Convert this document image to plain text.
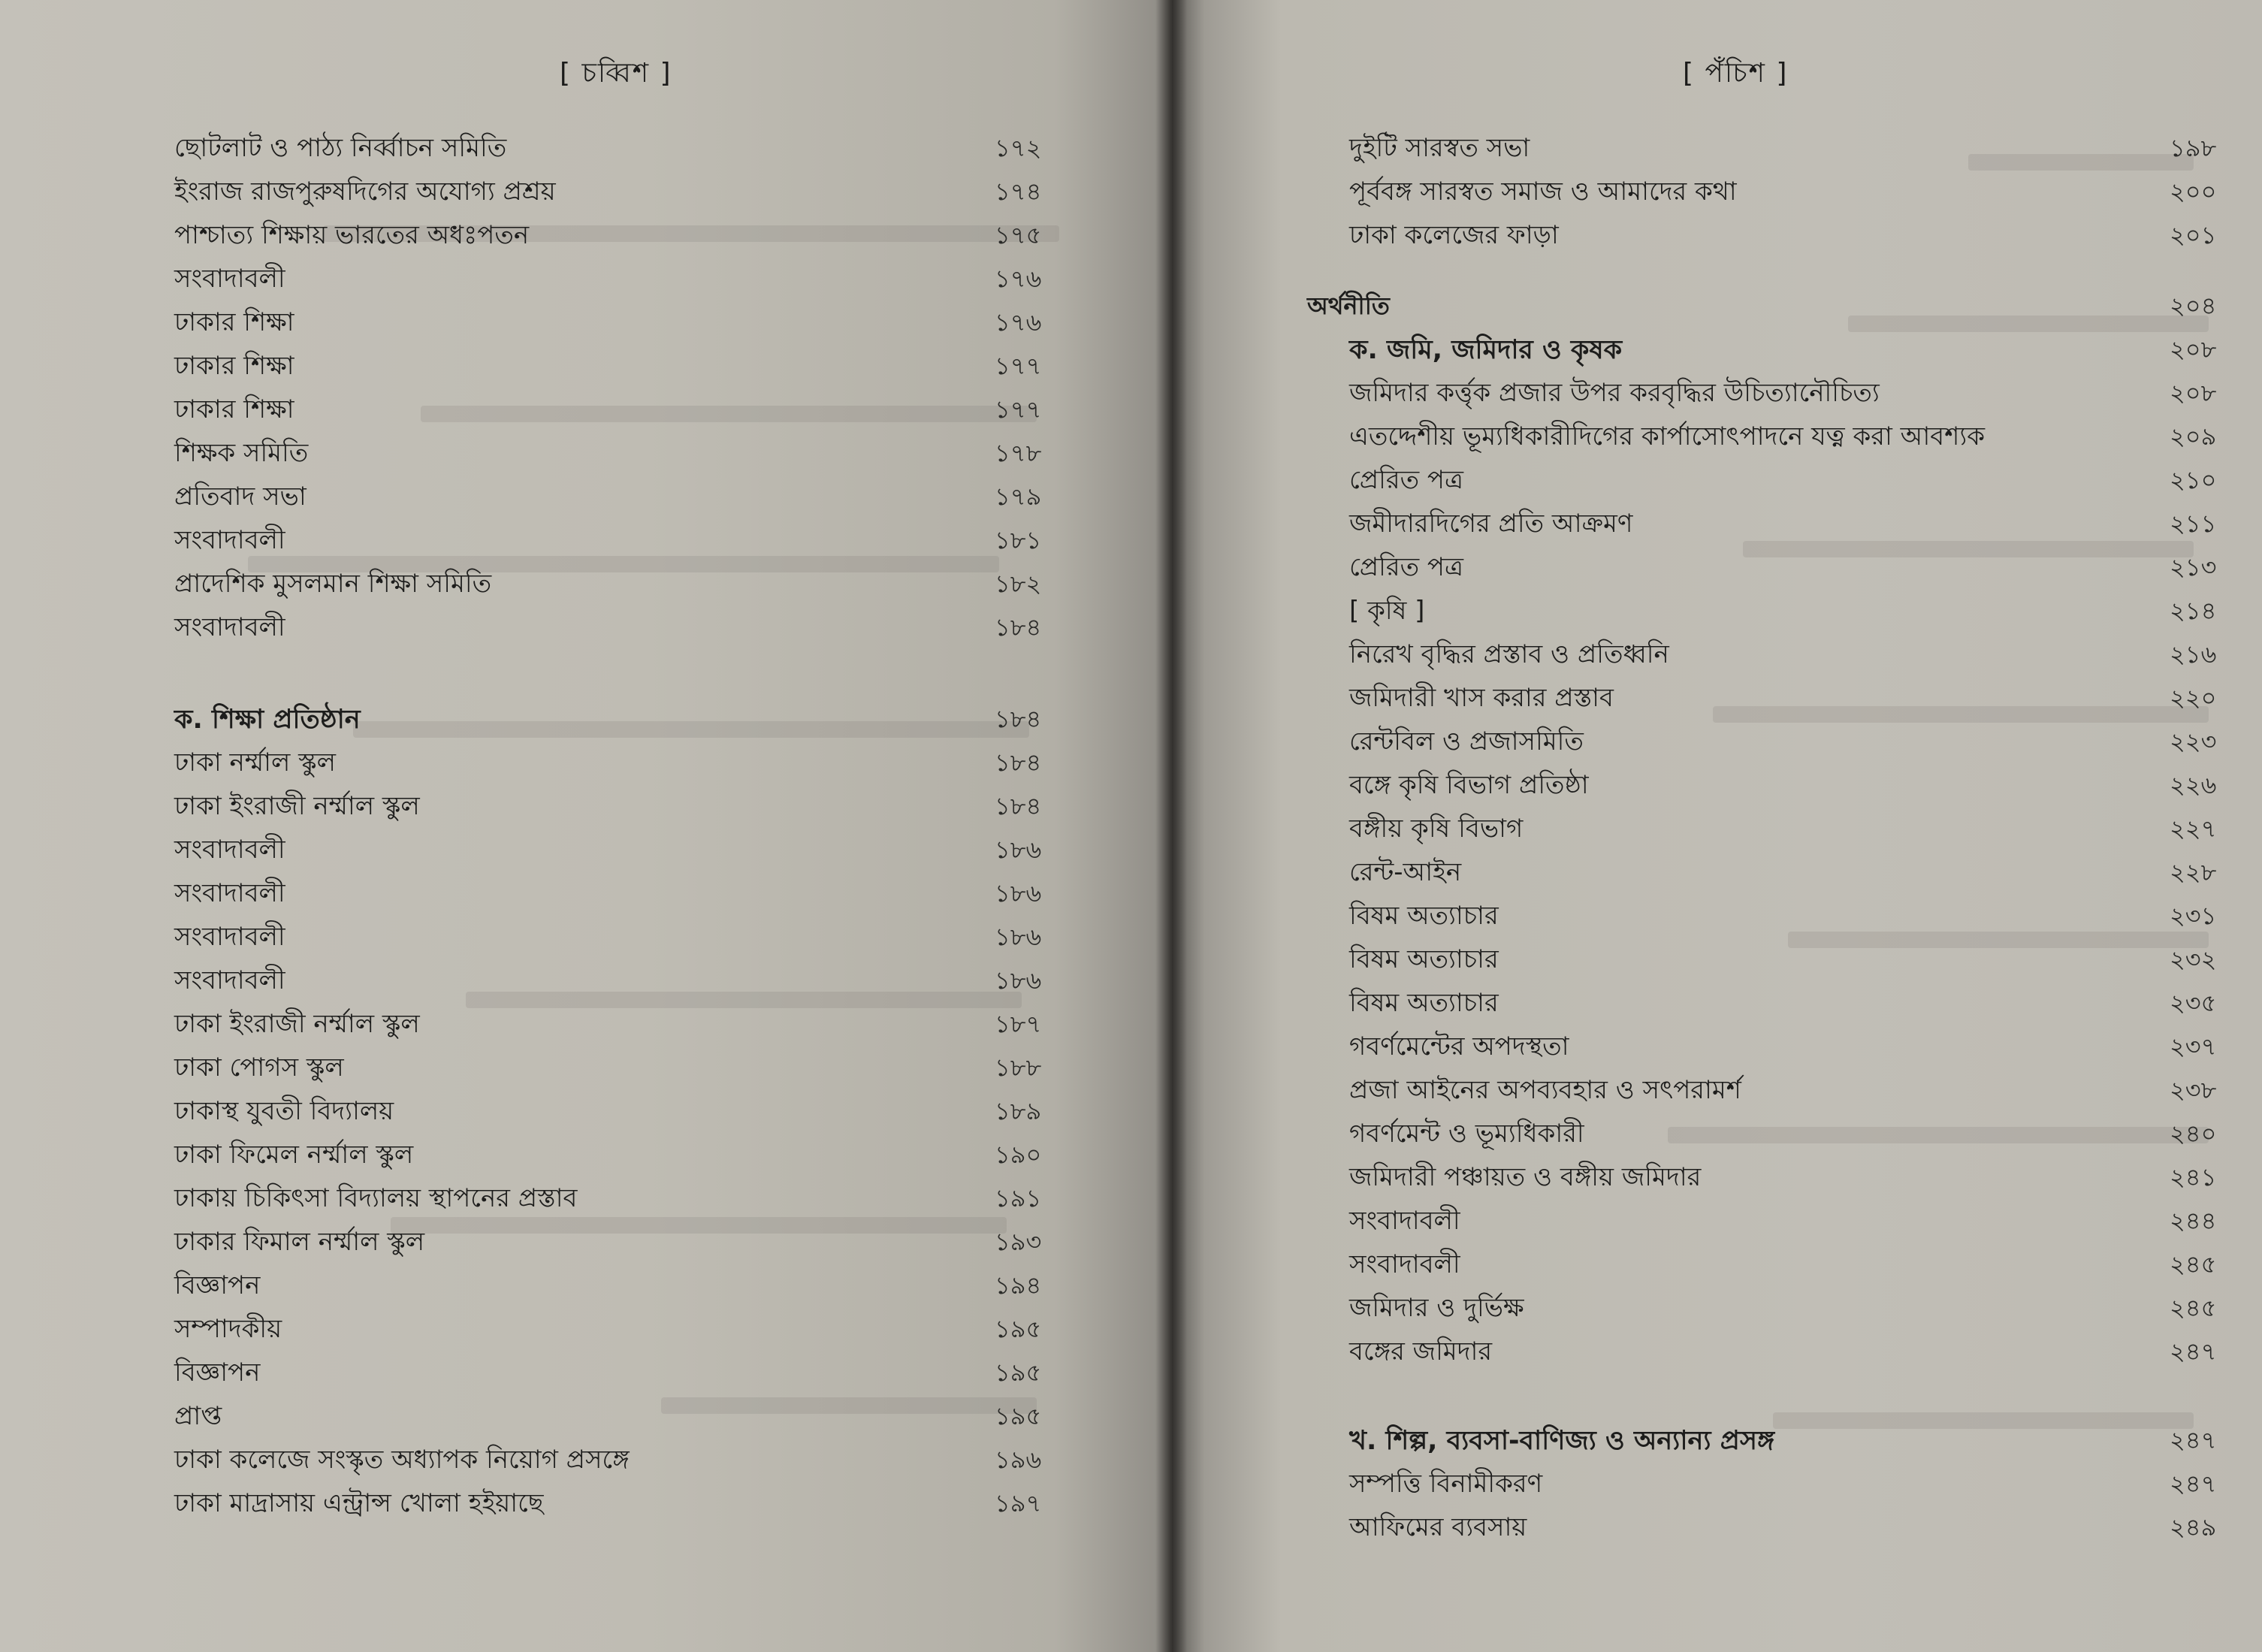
[ চব্বিশ ]
ছোটলাট ও পাঠ্য নির্ব্বাচন সমিতি	১৭২
ইংরাজ রাজপুরুষদিগের অযোগ্য প্রশ্রয়	১৭৪
পাশ্চাত্য শিক্ষায় ভারতের অধঃপতন	১৭৫
সংবাদাবলী	১৭৬
ঢাকার শিক্ষা	১৭৬
ঢাকার শিক্ষা	১৭৭
ঢাকার শিক্ষা	১৭৭
শিক্ষক সমিতি	১৭৮
প্রতিবাদ সভা	১৭৯
সংবাদাবলী	১৮১
প্রাদেশিক মুসলমান শিক্ষা সমিতি	১৮২
সংবাদাবলী	১৮৪
ক. শিক্ষা প্রতিষ্ঠান	১৮৪
ঢাকা নর্ম্মাল স্কুল	১৮৪
ঢাকা ইংরাজী নর্ম্মাল স্কুল	১৮৪
সংবাদাবলী	১৮৬
সংবাদাবলী	১৮৬
সংবাদাবলী	১৮৬
সংবাদাবলী	১৮৬
ঢাকা ইংরাজী নর্ম্মাল স্কুল	১৮৭
ঢাকা পোগস স্কুল	১৮৮
ঢাকাস্থ যুবতী বিদ্যালয়	১৮৯
ঢাকা ফিমেল নর্ম্মাল স্কুল	১৯০
ঢাকায় চিকিৎসা বিদ্যালয় স্থাপনের প্রস্তাব	১৯১
ঢাকার ফিমাল নর্ম্মাল স্কুল	১৯৩
বিজ্ঞাপন	১৯৪
সম্পাদকীয়	১৯৫
বিজ্ঞাপন	১৯৫
প্রাপ্ত	১৯৫
ঢাকা কলেজে সংস্কৃত অধ্যাপক নিয়োগ প্রসঙ্গে	১৯৬
ঢাকা মাদ্রাসায় এন্ট্রান্স খোলা হইয়াছে	১৯৭
[ পঁচিশ ]
দুইটি সারস্বত সভা	১৯৮
পূর্ববঙ্গ সারস্বত সমাজ ও আমাদের কথা	২০০
ঢাকা কলেজের ফাড়া	২০১
অর্থনীতি	২০৪
ক. জমি, জমিদার ও কৃষক	২০৮
জমিদার কর্ত্তৃক প্রজার উপর করবৃদ্ধির উচিত্যানৌচিত্য	২০৮
এতদ্দেশীয় ভূম্যধিকারীদিগের কার্পাসোৎপাদনে যত্ন করা আবশ্যক	২০৯
প্রেরিত পত্র	২১০
জমীদারদিগের প্রতি আক্রমণ	২১১
প্রেরিত পত্র	২১৩
[ কৃষি ]	২১৪
নিরেখ বৃদ্ধির প্রস্তাব ও প্রতিধ্বনি	২১৬
জমিদারী খাস করার প্রস্তাব	২২০
রেন্টবিল ও প্রজাসমিতি	২২৩
বঙ্গে কৃষি বিভাগ প্রতিষ্ঠা	২২৬
বঙ্গীয় কৃষি বিভাগ	২২৭
রেন্ট-আইন	২২৮
বিষম অত্যাচার	২৩১
বিষম অত্যাচার	২৩২
বিষম অত্যাচার	২৩৫
গবর্ণমেন্টের অপদস্থতা	২৩৭
প্রজা আইনের অপব্যবহার ও সৎপরামর্শ	২৩৮
গবর্ণমেন্ট ও ভূম্যধিকারী	২৪০
জমিদারী পঞ্চায়ত ও বঙ্গীয় জমিদার	২৪১
সংবাদাবলী	২৪৪
সংবাদাবলী	২৪৫
জমিদার ও দুর্ভিক্ষ	২৪৫
বঙ্গের জমিদার	২৪৭
খ. শিল্প, ব্যবসা-বাণিজ্য ও অন্যান্য প্রসঙ্গ	২৪৭
সম্পত্তি বিনামীকরণ	২৪৭
আফিমের ব্যবসায়	২৪৯
